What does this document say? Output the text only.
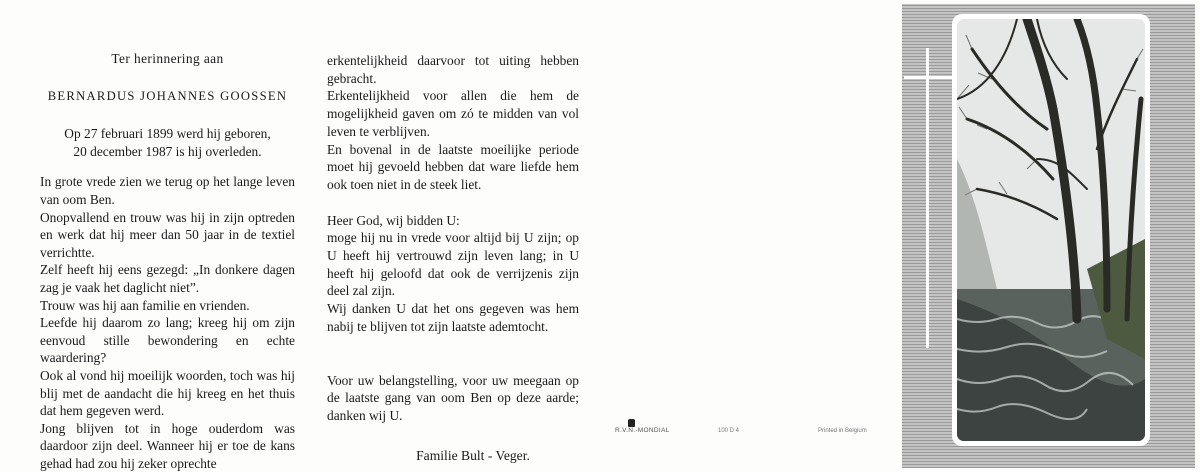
Ter herinnering aan
BERNARDUS JOHANNES GOOSSEN
Op 27 februari 1899 werd hij geboren,
20 december 1987 is hij overleden.
In grote vrede zien we terug op het lange leven van oom Ben.
Onopvallend en trouw was hij in zijn optreden en werk dat hij meer dan 50 jaar in de textiel verrichtte.
Zelf heeft hij eens gezegd: „In donkere dagen zag je vaak het daglicht niet”.
Trouw was hij aan familie en vrienden.
Leefde hij daarom zo lang; kreeg hij om zijn eenvoud stille bewondering en echte waardering?
Ook al vond hij moeilijk woorden, toch was hij blij met de aandacht die hij kreeg en het thuis dat hem gegeven werd.
Jong blijven tot in hoge ouderdom was daardoor zijn deel. Wanneer hij er toe de kans gehad had zou hij zeker oprechte
erkentelijkheid daarvoor tot uiting hebben gebracht.
Erkentelijkheid voor allen die hem de mogelijkheid gaven om zó te midden van vol leven te verblijven.
En bovenal in de laatste moeilijke periode moet hij gevoeld hebben dat ware liefde hem ook toen niet in de steek liet.
Heer God, wij bidden U:
moge hij nu in vrede voor altijd bij U zijn; op U heeft hij vertrouwd zijn leven lang; in U heeft hij geloofd dat ook de verrijzenis zijn deel zal zijn.
Wij danken U dat het ons gegeven was hem nabij te blijven tot zijn laatste ademtocht.
Voor uw belangstelling, voor uw meegaan op de laatste gang van oom Ben op deze aarde; danken wij U.
Familie Bult - Veger.
R.V.N.-MONDIAL	100 D 4	Printed in Belgium
